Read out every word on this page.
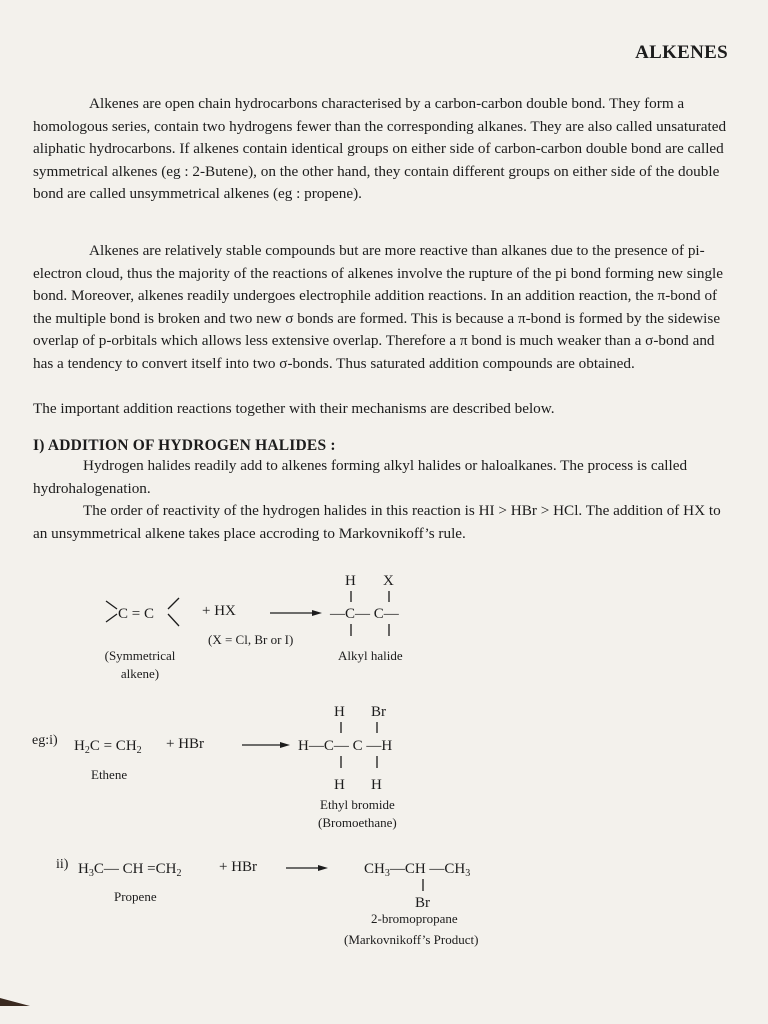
ALKENES

Alkenes are open chain hydrocarbons characterised by a carbon-carbon double bond. They form a homologous series, contain two hydrogens fewer than the corresponding alkanes. They are also called unsaturated aliphatic hydrocarbons. If alkenes contain identical groups on either side of carbon-carbon double bond are called symmetrical alkenes (eg : 2-Butene), on the other hand, they contain different groups on either side of the double bond are called unsymmetrical alkenes (eg : propene).

Alkenes are relatively stable compounds but are more reactive than alkanes due to the presence of pi-electron cloud, thus the majority of the reactions of alkenes involve the rupture of the pi bond forming new single bond. Moreover, alkenes readily undergoes electrophile addition reactions. In an addition reaction, the π-bond of the multiple bond is broken and two new σ bonds are formed. This is because a π-bond is formed by the sidewise overlap of p-orbitals which allows less extensive overlap. Therefore a π bond is much weaker than a σ-bond and has a tendency to convert itself into two σ-bonds. Thus saturated addition compounds are obtained.

The important addition reactions together with their mechanisms are described below.

I) ADDITION OF HYDROGEN HALIDES :

Hydrogen halides readily add to alkenes forming alkyl halides or haloalkanes. The process is called hydrohalogenation.

The order of reactivity of the hydrogen halides in this reaction is HI > HBr > HCl. The addition of HX to an unsymmetrical alkene takes place accroding to Markovnikoff’s rule.

C = C
H X
—C— C—
$H_2C = CH_2$
H Br
H—C— C —H
H H
$H_3C—$ CH $=CH_2$	$CH_3—CH$ $—CH_3$
Br
+ HX
(X = Cl, Br or I)
(Symmetrical
alkene)
Alkyl halide
eg:i)	+ HBr
Ethene
Ethyl bromide
(Bromoethane)
ii)	+ HBr
Propene
2-bromopropane
(Markovnikoff’s Product)
